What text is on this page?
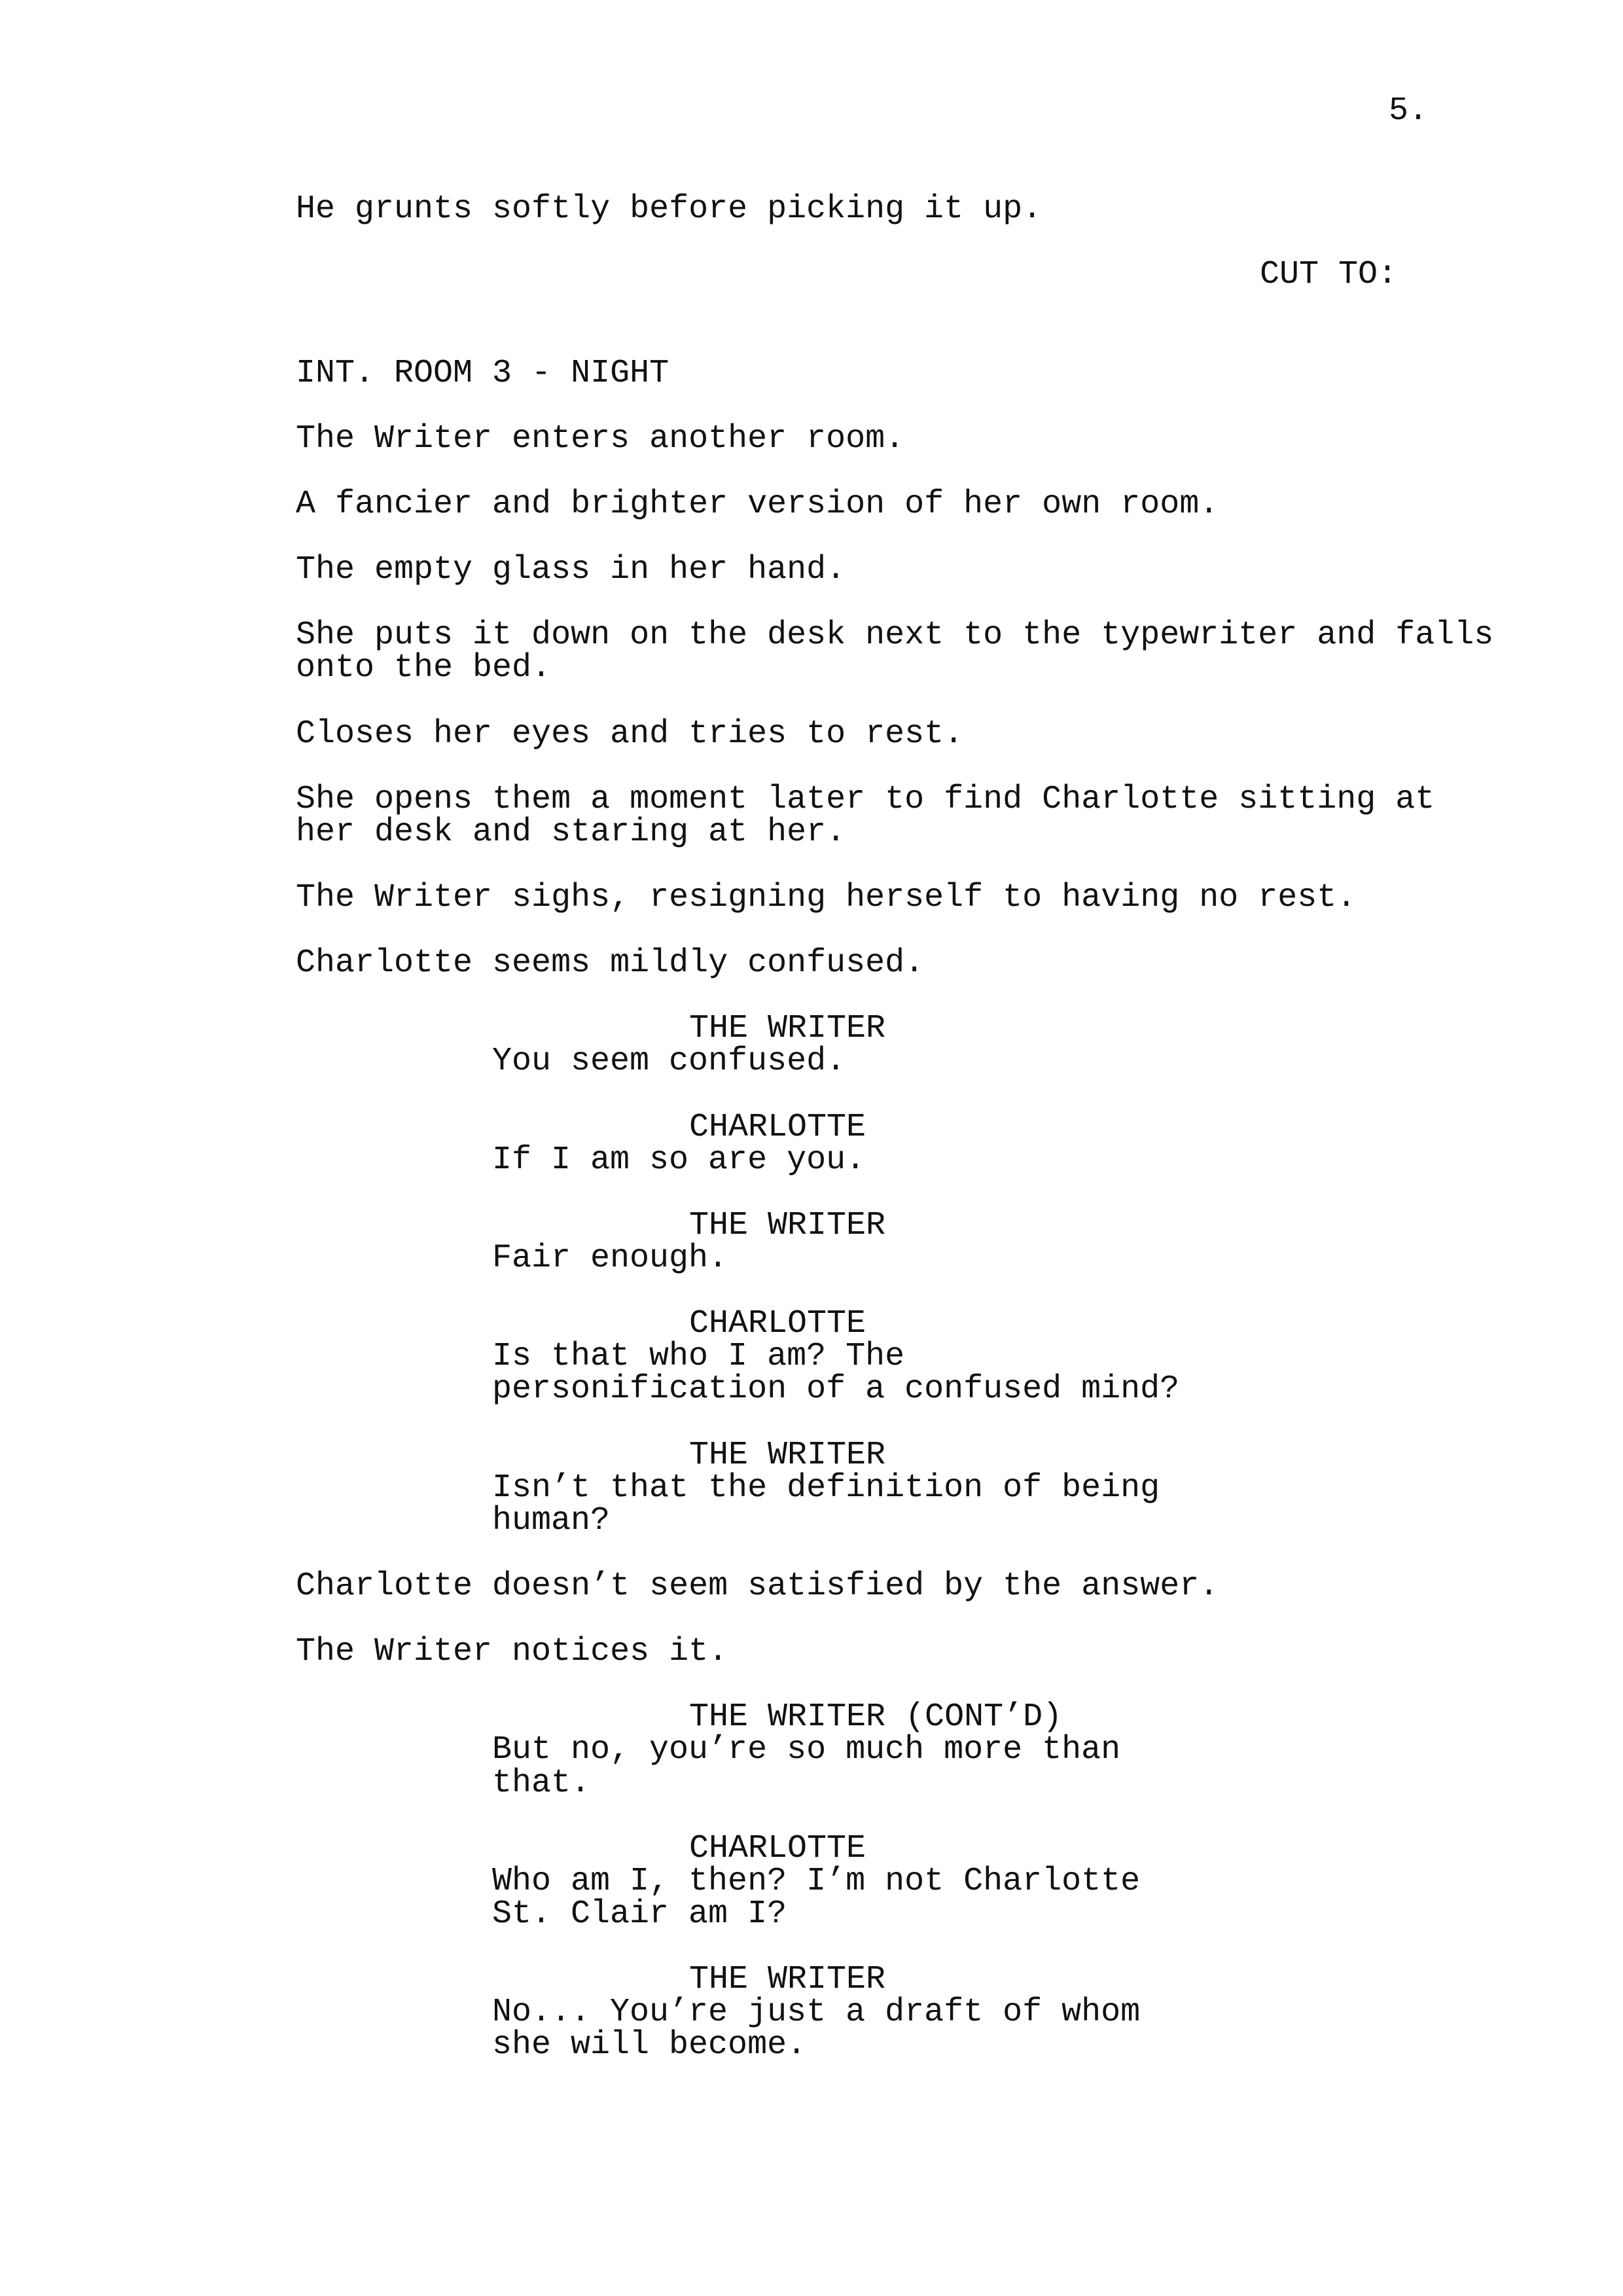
5.
He grunts softly before picking it up.
CUT TO:
INT. ROOM 3 - NIGHT
The Writer enters another room.
A fancier and brighter version of her own room.
The empty glass in her hand.
She puts it down on the desk next to the typewriter and falls
onto the bed.
Closes her eyes and tries to rest.
She opens them a moment later to find Charlotte sitting at
her desk and staring at her.
The Writer sighs, resigning herself to having no rest.
Charlotte seems mildly confused.
THE WRITER
You seem confused.
CHARLOTTE
If I am so are you.
THE WRITER
Fair enough.
CHARLOTTE
Is that who I am? The
personification of a confused mind?
THE WRITER
Isn’t that the definition of being
human?
Charlotte doesn’t seem satisfied by the answer.
The Writer notices it.
THE WRITER (CONT’D)
But no, you’re so much more than
that.
CHARLOTTE
Who am I, then? I’m not Charlotte
St. Clair am I?
THE WRITER
No... You’re just a draft of whom
she will become.
